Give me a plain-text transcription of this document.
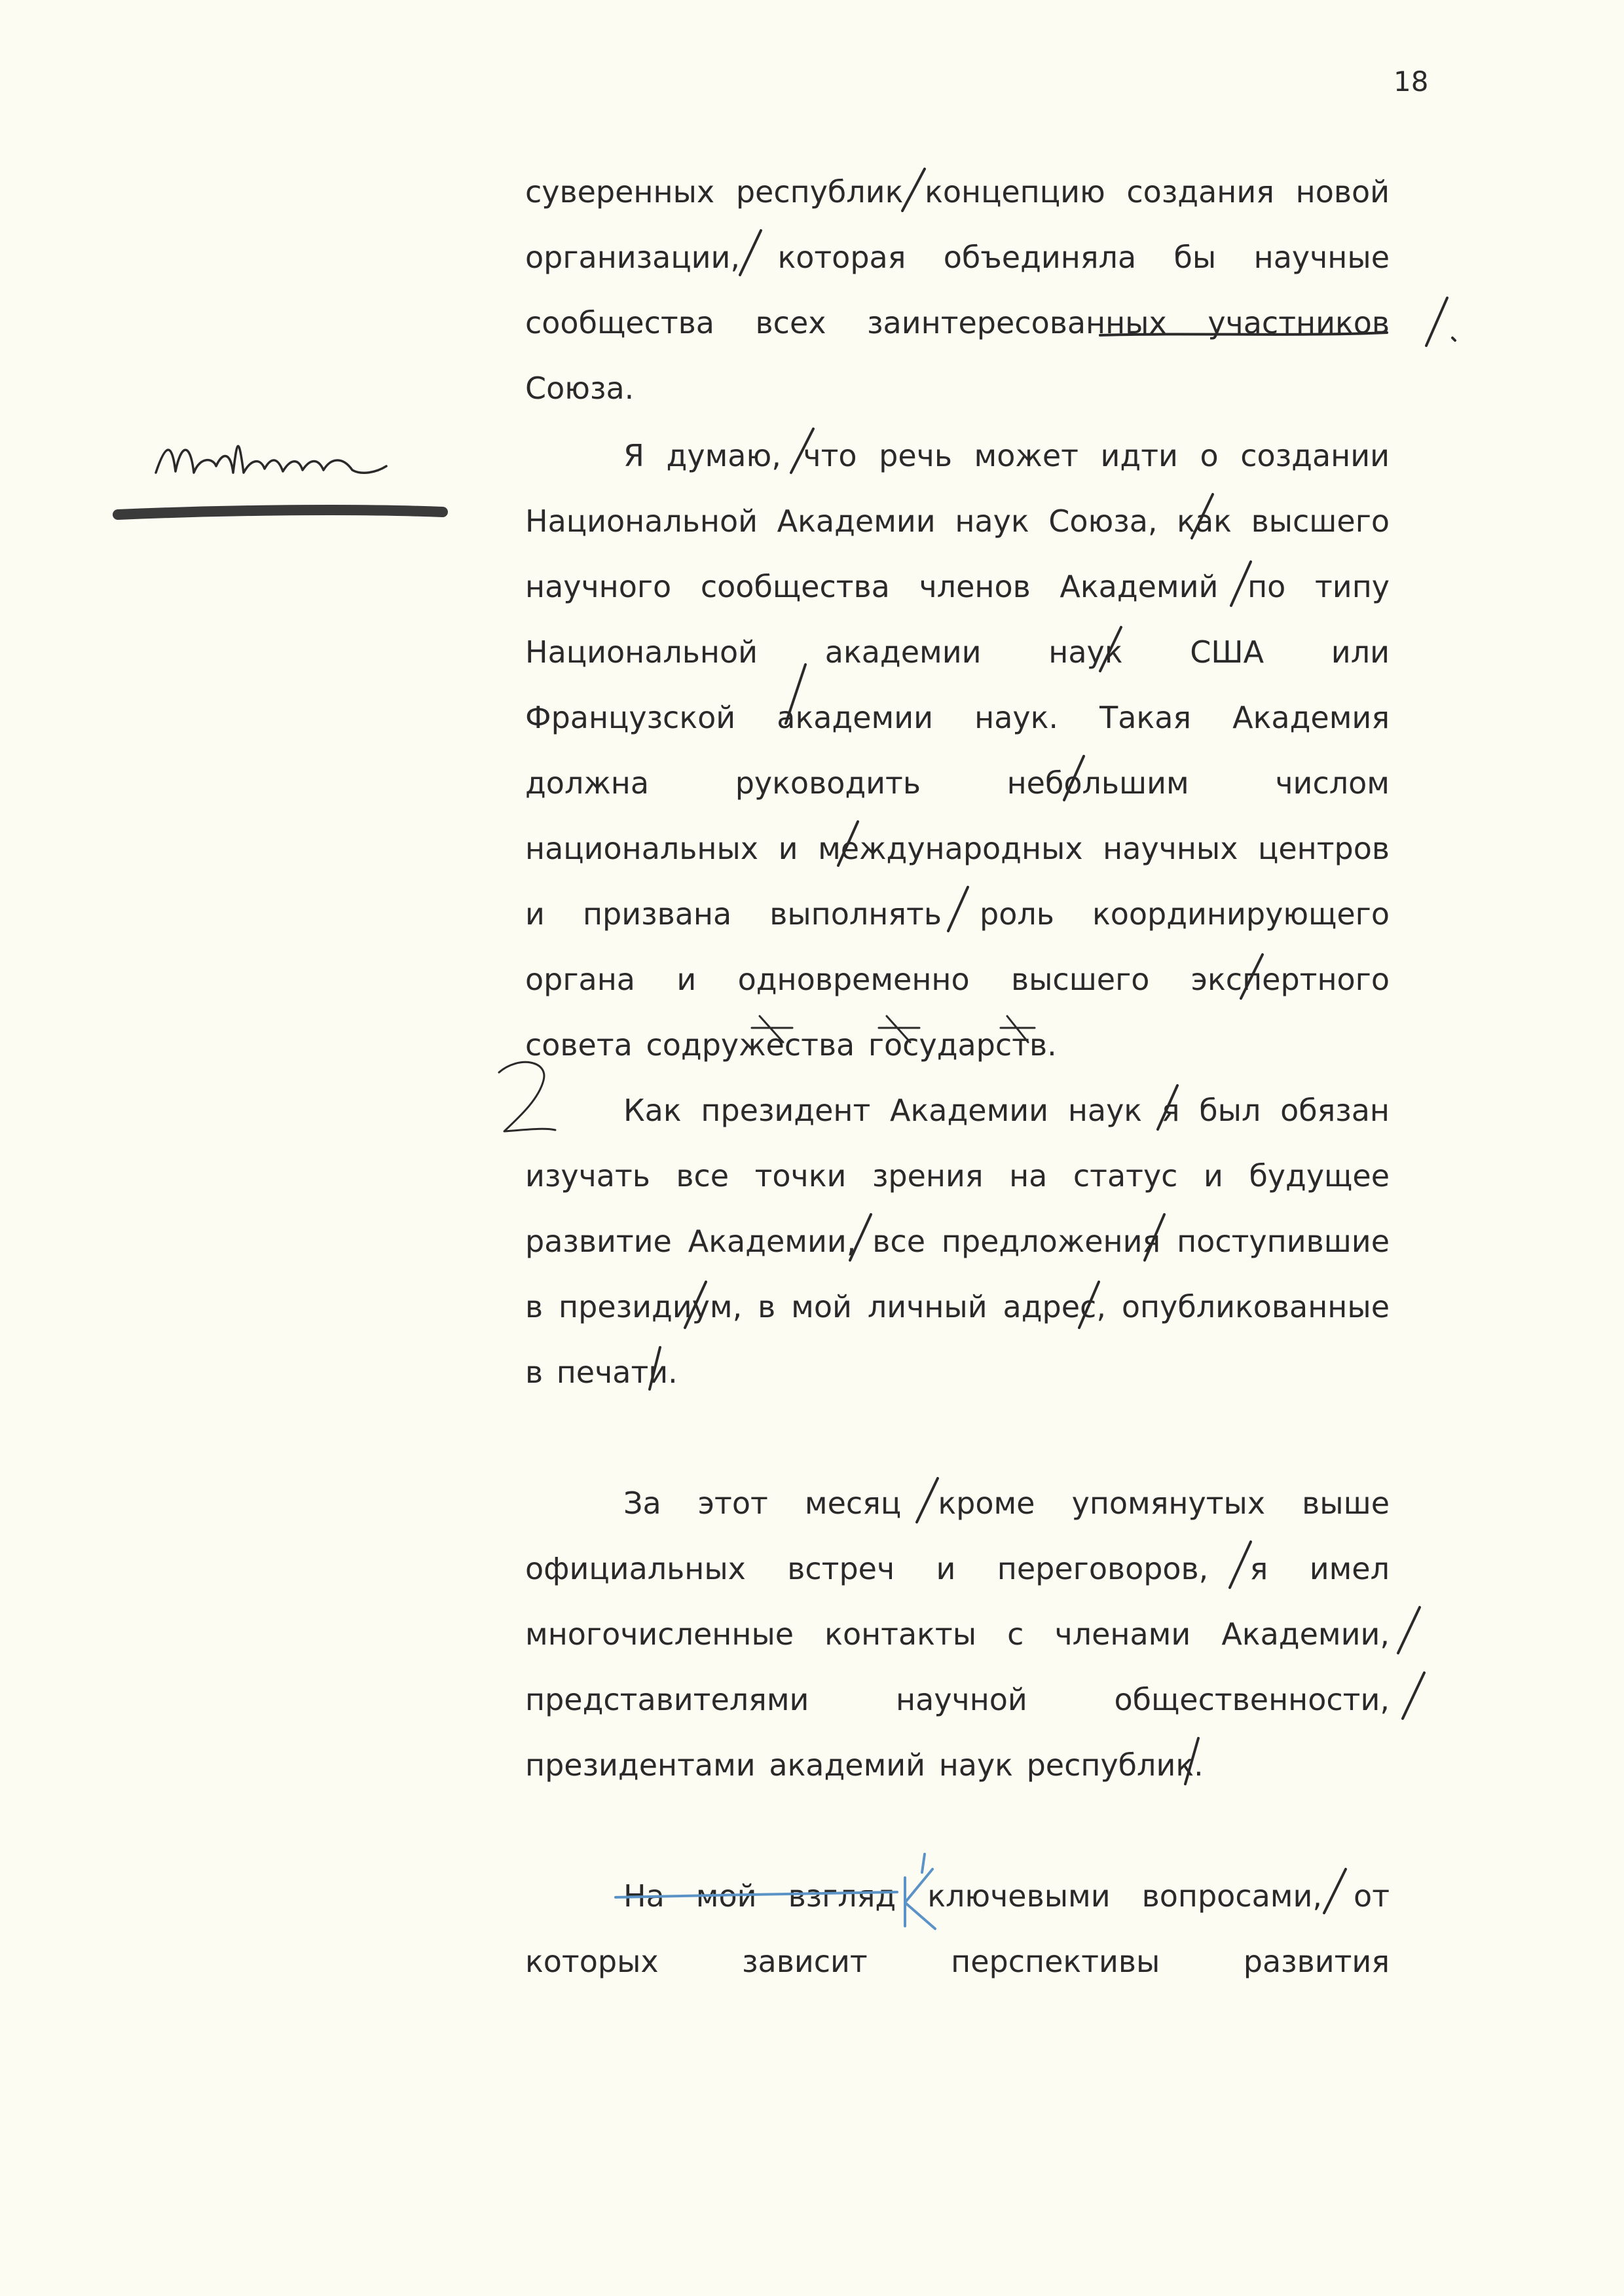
18
суверенных республик концепцию создания новой организации, которая объединяла бы научные сообщества всех заинтересованных участников Союза.
Я думаю, что речь может идти о создании Национальной Академии наук Союза, как высшего научного сообщества членов Академий по типу Национальной академии наук США или Французской академии наук. Такая Академия должна руководить небольшим числом национальных и международных научных центров и призвана выполнять роль координирующего органа и одновременно высшего экспертного совета содружества государств.
Как президент Академии наук я был обязан изучать все точки зрения на статус и будущее развитие Академии, все предложения поступившие в президиум, в мой личный адрес, опубликованные в печати.
За этот месяц кроме упомянутых выше официальных встреч и переговоров, я имел многочисленные контакты с членами Академии, представителями научной общественности, президентами академий наук республик.
На мой взгляд ключевыми вопросами, от которых зависит перспективы развития
